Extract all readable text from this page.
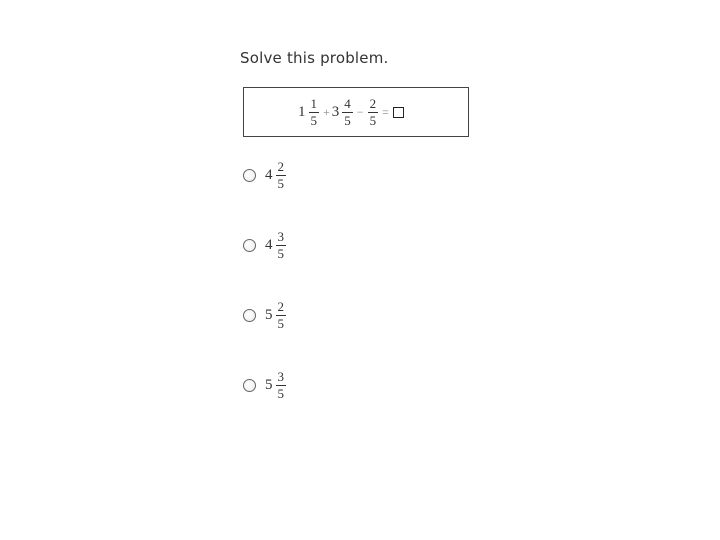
Solve this problem.
$1 \frac{1}{5} + 3 \frac{4}{5} - \frac{2}{5}$ =
$4 \frac{2}{5}$
$4 \frac{3}{5}$
$5 \frac{2}{5}$
$5 \frac{3}{5}$
